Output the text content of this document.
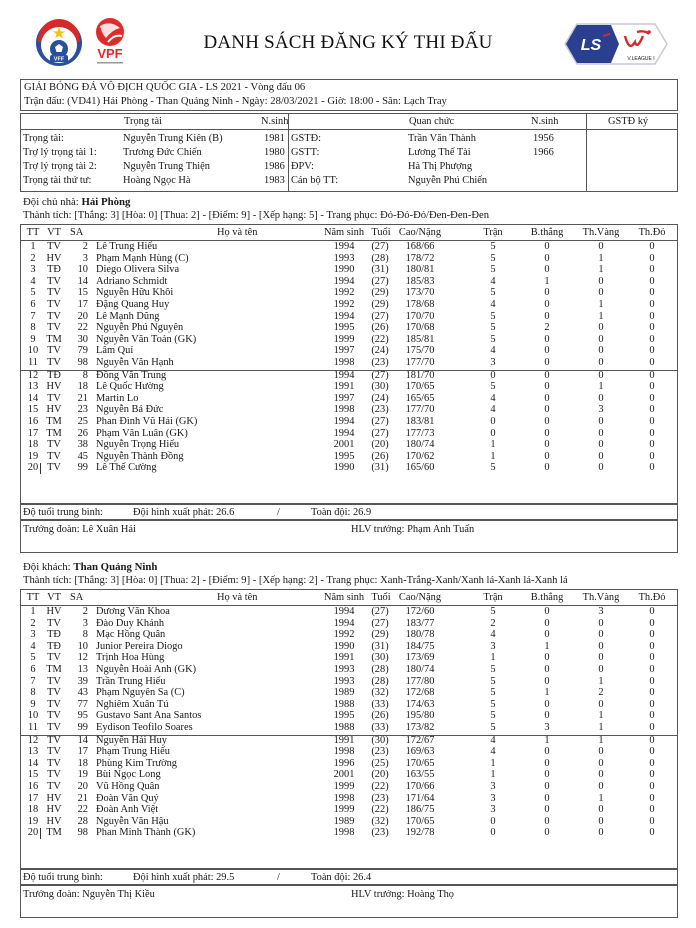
VFF	VPF
DANH SÁCH ĐĂNG KÝ THI ĐẤU	LS
V.LEAGUE I
GIẢI BÓNG ĐÁ VÔ ĐỊCH QUỐC GIA - LS 2021 - Vòng đấu 06
Trận đấu: (VD41) Hải Phòng - Than Quảng Ninh - Ngày: 28/03/2021 - Giờ: 18:00 - Sân: Lạch Tray
Trọng tài	N.sinh	Quan chức	N.sinh	GSTĐ ký
Trọng tài:	Nguyễn Trung Kiên (B)	1981
Trợ lý trọng tài 1:	Trương Đức Chiến	1980
Trợ lý trọng tài 2:	Nguyễn Trung Thiện	1986
Trọng tài thứ tư:	Hoàng Ngọc Hà	1983
GSTĐ:	Trần Văn Thành	1956
GSTT:	Lương Thế Tài	1966
ĐPV:	Hà Thị Phượng
Cán bộ TT:	Nguyễn Phú Chiến
Đội chủ nhà: Hải Phòng
Thành tích: [Thắng: 3] [Hòa: 0] [Thua: 2] - [Điểm: 9] - [Xếp hạng: 5] - Trang phục: Đỏ-Đỏ-Đỏ/Đen-Đen-Đen
TT VT SA	Họ và tên	Năm sinh Tuổi Cao/Nặng	Trận	B.thắng	Th.Vàng	Th.Đỏ
1	TV	2 Lê Trung Hiếu	1994	(27)	168/66	5	0	0	0
2	HV	3 Phạm Mạnh Hùng (C)	1993	(28)	178/72	5	0	1	0
3	TĐ	10 Diego Olivera Silva	1990	(31)	180/81	5	0	1	0
4	TV	14 Adriano Schmidt	1994	(27)	185/83	4	1	0	0
5	TV	15 Nguyễn Hữu Khôi	1992	(29)	173/70	5	0	0	0
6	TV	17 Đặng Quang Huy	1992	(29)	178/68	4	0	1	0
7	TV	20 Lê Mạnh Dũng	1994	(27)	170/70	5	0	1	0
8	TV	22 Nguyễn Phú Nguyên	1995	(26)	170/68	5	2	0	0
9	TM	30 Nguyễn Văn Toản (GK)	1999	(22)	185/81	5	0	0	0
10 TV	79 Lâm Quí	1997	(24)	175/70	4	0	0	0
11 TV	98 Nguyễn Văn Hạnh	1998	(23)	177/70	3	0	0	0
12 TĐ	8 Đồng Văn Trung	1994	(27)	181/70	0	0	0	0
13 HV	18 Lê Quốc Hường	1991	(30)	170/65	5	0	1	0
14 TV	21 Martin Lo	1997	(24)	165/65	4	0	0	0
15 HV	23 Nguyễn Bá Đức	1998	(23)	177/70	4	0	3	0
16 TM	25 Phan Đình Vũ Hải (GK)	1994	(27)	183/81	0	0	0	0
17 TM	26 Phạm Văn Luân (GK)	1994	(27)	177/73	0	0	0	0
18 TV	38 Nguyễn Trọng Hiếu	2001	(20)	180/74	1	0	0	0
19 TV	45 Nguyễn Thành Đồng	1995	(26)	170/62	1	0	0	0
20 TV	99 Lê Thế Cường	1990	(31)	165/60	5	0	0	0
Độ tuổi trung bình:	Đội hình xuất phát: 26.6	/	Toàn đội: 26.9
Trưởng đoàn: Lê Xuân Hải	HLV trưởng: Phạm Anh Tuấn
Đội khách: Than Quảng Ninh
Thành tích: [Thắng: 3] [Hòa: 0] [Thua: 2] - [Điểm: 9] - [Xếp hạng: 2] - Trang phục: Xanh-Trắng-Xanh/Xanh lá-Xanh lá-Xanh lá
TT VT SA	Họ và tên	Năm sinh Tuổi Cao/Nặng	Trận	B.thắng	Th.Vàng	Th.Đỏ
1	HV	2 Dương Văn Khoa	1994	(27)	172/60	5	0	3	0
2	TV	3 Đào Duy Khánh	1994	(27)	183/77	2	0	0	0
3	TĐ	8 Mạc Hồng Quân	1992	(29)	180/78	4	0	0	0
4	TĐ	10 Junior Pereira Diogo	1990	(31)	184/75	3	1	0	0
5	TV	12 Trịnh Hoa Hùng	1991	(30)	173/69	1	0	0	0
6	TM	13 Nguyễn Hoài Anh (GK)	1993	(28)	180/74	5	0	0	0
7	TV	39 Trần Trung Hiếu	1993	(28)	177/80	5	0	1	0
8	TV	43 Phạm Nguyên Sa (C)	1989	(32)	172/68	5	1	2	0
9	TV	77 Nghiêm Xuân Tú	1988	(33)	174/63	5	0	0	0
10 TV	95 Gustavo Sant Ana Santos	1995	(26)	195/80	5	0	1	0
11 TV	99 Eydison Teofilo Soares	1988	(33)	173/82	5	3	1	0
12 TV	14 Nguyễn Hải Huy	1991	(30)	172/67	4	1	1	0
13 TV	17 Phạm Trung Hiếu	1998	(23)	169/63	4	0	0	0
14 TV	18 Phùng Kim Trường	1996	(25)	170/65	1	0	0	0
15 TV	19 Bùi Ngọc Long	2001	(20)	163/55	1	0	0	0
16 TV	20 Vũ Hồng Quân	1999	(22)	170/66	3	0	0	0
17 HV	21 Đoàn Văn Quý	1998	(23)	171/64	3	0	1	0
18 HV	22 Đoàn Anh Việt	1999	(22)	186/75	3	0	0	0
19 HV	28 Nguyễn Văn Hậu	1989	(32)	170/65	0	0	0	0
20 TM	98 Phan Minh Thành (GK)	1998	(23)	192/78	0	0	0	0
Độ tuổi trung bình:	Đội hình xuất phát: 29.5	/	Toàn đội: 26.4
Trưởng đoàn: Nguyễn Thị Kiều	HLV trưởng: Hoàng Thọ
